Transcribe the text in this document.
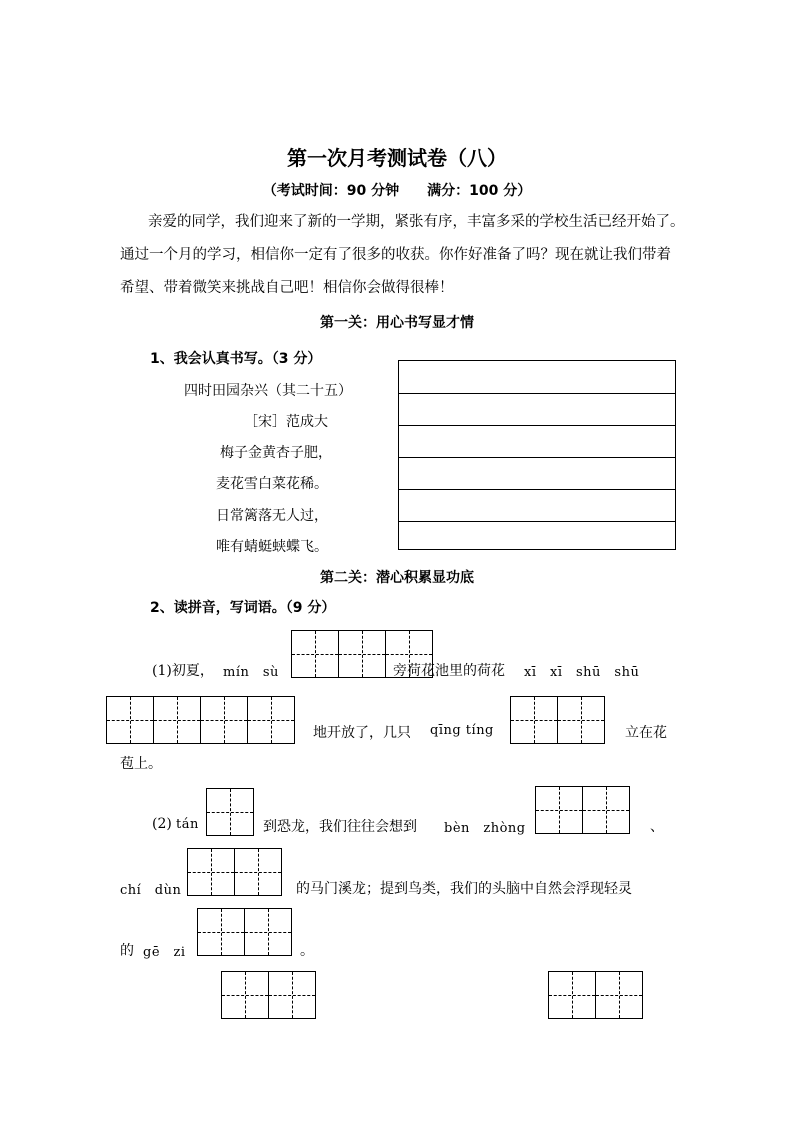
第一次月考测试卷（八）
（考试时间：90 分钟　　满分：100 分）
亲爱的同学，我们迎来了新的一学期，紧张有序，丰富多采的学校生活已经开始了。
通过一个月的学习，相信你一定有了很多的收获。你作好准备了吗？现在就让我们带着
希望、带着微笑来挑战自己吧！相信你会做得很棒！
第一关：用心书写显才情
1、我会认真书写。（3 分）
四时田园杂兴（其二十五）
［宋］范成大
梅子金黄杏子肥，
麦花雪白菜花稀。
日常篱落无人过，
唯有蜻蜓蛱蝶飞。
第二关：潜心积累显功底
2、读拼音，写词语。（9 分）
(1)初夏， mín　sù	旁荷花池里的荷花 xī　xī　shū　shū
地开放了，几只 qīng tíng	立在花
苞上。
(2) tán	到恐龙，我们往往会想到 bèn　zhòng	、
chí　dùn	的马门溪龙；提到鸟类，我们的头脑中自然会浮现轻灵
的 gē　zi	。
